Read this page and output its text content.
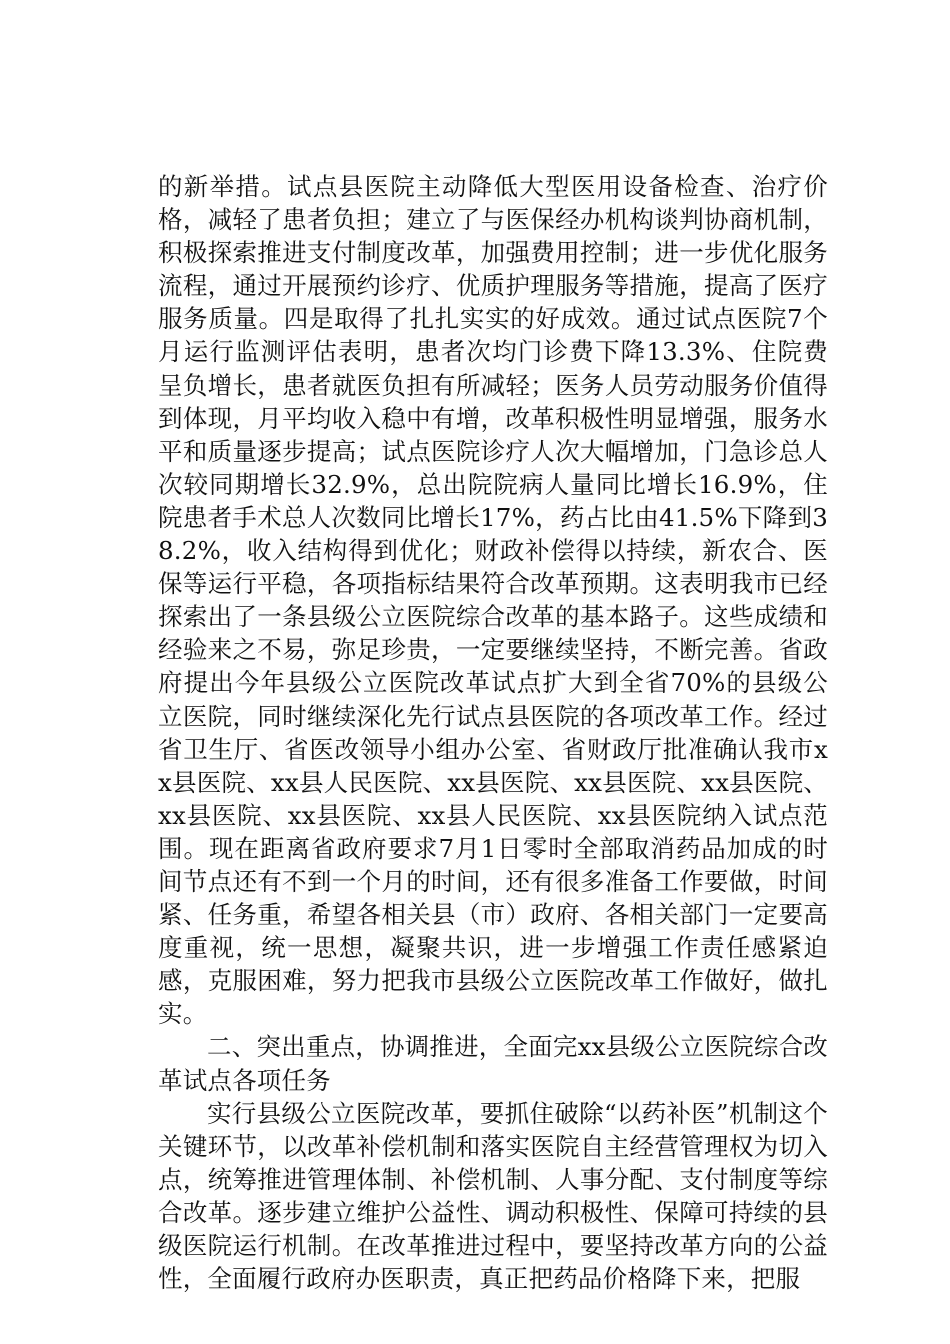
的新举措。试点县医院主动降低大型医用设备检查、治疗价格，减轻了患者负担；建立了与医保经办机构谈判协商机制，积极探索推进支付制度改革，加强费用控制；进一步优化服务流程，通过开展预约诊疗、优质护理服务等措施，提高了医疗服务质量。四是取得了扎扎实实的好成效。通过试点医院7个月运行监测评估表明，患者次均门诊费下降13.3%、住院费呈负增长，患者就医负担有所减轻；医务人员劳动服务价值得到体现，月平均收入稳中有增，改革积极性明显增强，服务水平和质量逐步提高；试点医院诊疗人次大幅增加，门急诊总人次较同期增长32.9%，总出院院病人量同比增长16.9%，住院患者手术总人次数同比增长17%，药占比由41.5%下降到38.2%，收入结构得到优化；财政补偿得以持续，新农合、医保等运行平稳，各项指标结果符合改革预期。这表明我市已经探索出了一条县级公立医院综合改革的基本路子。这些成绩和经验来之不易，弥足珍贵，一定要继续坚持，不断完善。省政府提出今年县级公立医院改革试点扩大到全省70%的县级公立医院，同时继续深化先行试点县医院的各项改革工作。经过省卫生厅、省医改领导小组办公室、省财政厅批准确认我市xx县医院、xx县人民医院、xx县医院、xx县医院、xx县医院、xx县医院、xx县医院、xx县人民医院、xx县医院纳入试点范围。现在距离省政府要求7月1日零时全部取消药品加成的时间节点还有不到一个月的时间，还有很多准备工作要做，时间紧、任务重，希望各相关县（市）政府、各相关部门一定要高度重视，统一思想，凝聚共识，进一步增强工作责任感紧迫感，克服困难，努力把我市县级公立医院改革工作做好，做扎实。

二、突出重点，协调推进，全面完xx县级公立医院综合改革试点各项任务

实行县级公立医院改革，要抓住破除“以药补医”机制这个关键环节，以改革补偿机制和落实医院自主经营管理权为切入点，统筹推进管理体制、补偿机制、人事分配、支付制度等综合改革。逐步建立维护公益性、调动积极性、保障可持续的县级医院运行机制。在改革推进过程中，要坚持改革方向的公益性，全面履行政府办医职责，真正把药品价格降下来，把服
